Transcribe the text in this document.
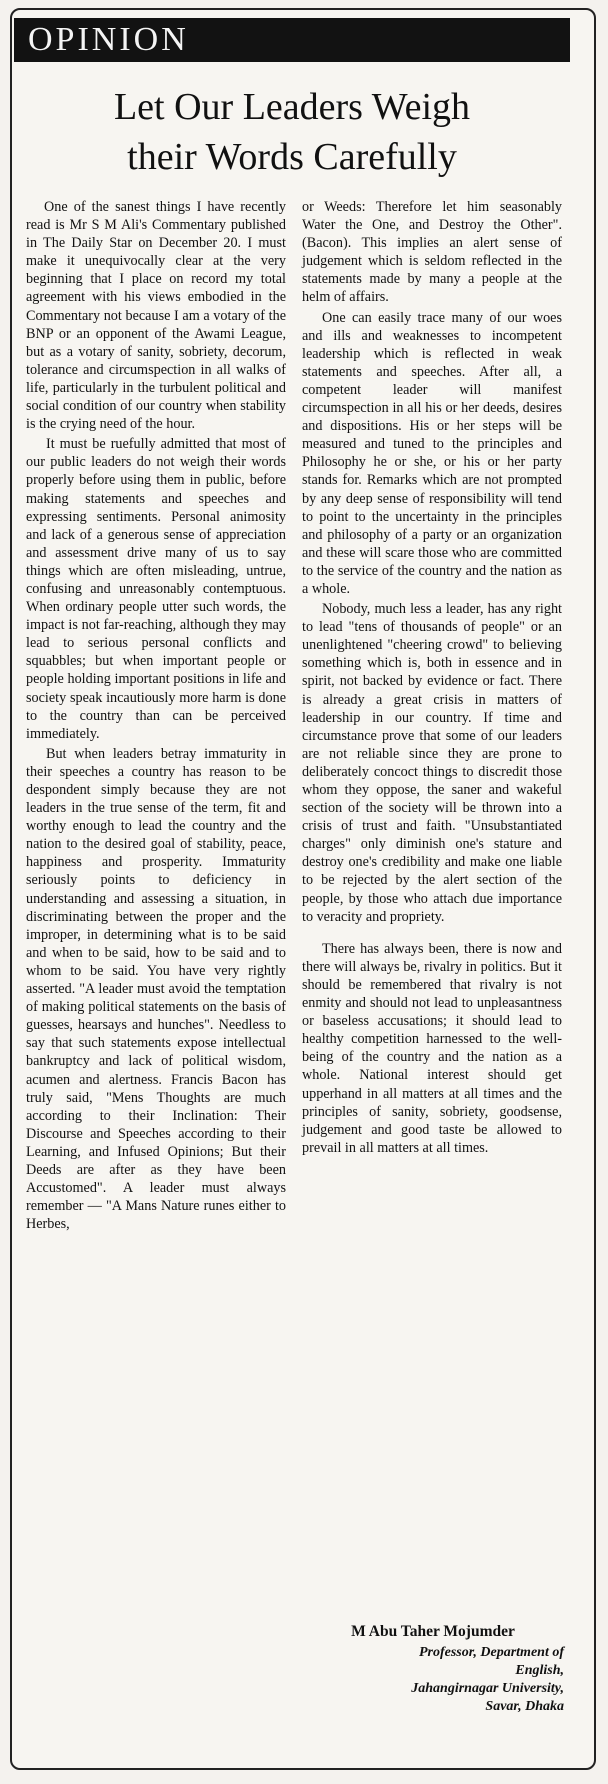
OPINION
Let Our Leaders Weigh
their Words Carefully

One of the sanest things I have recently read is Mr S M Ali's Commentary published in The Daily Star on December 20. I must make it unequivocally clear at the very beginning that I place on record my total agreement with his views embodied in the Commentary not because I am a votary of the BNP or an opponent of the Awami League, but as a votary of sanity, sobriety, decorum, tolerance and circumspection in all walks of life, particularly in the turbulent political and social condition of our country when stability is the crying need of the hour.

It must be ruefully admitted that most of our public leaders do not weigh their words properly before using them in public, before making statements and speeches and expressing sentiments. Personal animosity and lack of a generous sense of appreciation and assessment drive many of us to say things which are often misleading, untrue, confusing and unreasonably contemptuous. When ordinary people utter such words, the impact is not far-reaching, although they may lead to serious personal conflicts and squabbles; but when important people or people holding important positions in life and society speak incautiously more harm is done to the country than can be perceived immediately.

But when leaders betray immaturity in their speeches a country has reason to be despondent simply because they are not leaders in the true sense of the term, fit and worthy enough to lead the country and the nation to the desired goal of stability, peace, happiness and prosperity. Immaturity seriously points to deficiency in understanding and assessing a situation, in discriminating between the proper and the improper, in determining what is to be said and when to be said, how to be said and to whom to be said. You have very rightly asserted. "A leader must avoid the temptation of making political statements on the basis of guesses, hearsays and hunches". Needless to say that such statements expose intellectual bankruptcy and lack of political wisdom, acumen and alertness. Francis Bacon has truly said, "Mens Thoughts are much according to their Inclination: Their Discourse and Speeches according to their Learning, and Infused Opinions; But their Deeds are after as they have been Accustomed". A leader must always remember — "A Mans Nature runes either to Herbes,

or Weeds: Therefore let him seasonably Water the One, and Destroy the Other". (Bacon). This implies an alert sense of judgement which is seldom reflected in the statements made by many a people at the helm of affairs.

One can easily trace many of our woes and ills and weaknesses to incompetent leadership which is reflected in weak statements and speeches. After all, a competent leader will manifest circumspection in all his or her deeds, desires and dispositions. His or her steps will be measured and tuned to the principles and Philosophy he or she, or his or her party stands for. Remarks which are not prompted by any deep sense of responsibility will tend to point to the uncertainty in the principles and philosophy of a party or an organization and these will scare those who are committed to the service of the country and the nation as a whole.

Nobody, much less a leader, has any right to lead "tens of thousands of people" or an unenlightened "cheering crowd" to believing something which is, both in essence and in spirit, not backed by evidence or fact. There is already a great crisis in matters of leadership in our country. If time and circumstance prove that some of our leaders are not reliable since they are prone to deliberately concoct things to discredit those whom they oppose, the saner and wakeful section of the society will be thrown into a crisis of trust and faith. "Unsubstantiated charges" only diminish one's stature and destroy one's credibility and make one liable to be rejected by the alert section of the people, by those who attach due importance to veracity and propriety.

There has always been, there is now and there will always be, rivalry in politics. But it should be remembered that rivalry is not enmity and should not lead to unpleasantness or baseless accusations; it should lead to healthy competition harnessed to the well-being of the country and the nation as a whole. National interest should get upperhand in all matters at all times and the principles of sanity, sobriety, goodsense, judgement and good taste be allowed to prevail in all matters at all times.

M Abu Taher Mojumder
Professor, Department of
English,
Jahangirnagar University,
Savar, Dhaka
